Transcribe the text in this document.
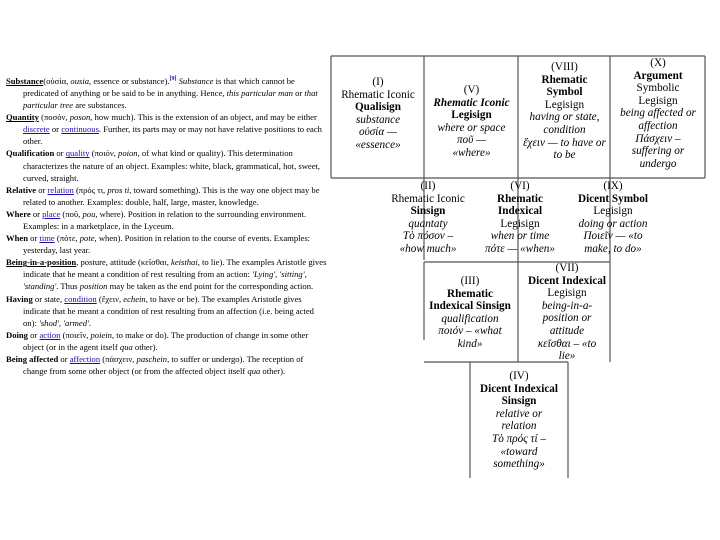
Substance(οὐσία, ousia, essence or substance).[9] Substance is that which cannot be predicated of anything or be said to be in anything. Hence, this particular man or that particular tree are substances.

Quantity (ποσόν, poson, how much). This is the extension of an object, and may be either discrete or continuous. Further, its parts may or may not have relative positions to each other.

Qualification or quality (ποιόν, poion, of what kind or quality). This determination characterizes the nature of an object. Examples: white, black, grammatical, hot, sweet, curved, straight.

Relative or relation (πρός τι, pros ti, toward something). This is the way one object may be related to another. Examples: double, half, large, master, knowledge.

Where or place (ποῦ, pou, where). Position in relation to the surrounding environment. Examples: in a marketplace, in the Lyceum.

When or time (πότε, pote, when). Position in relation to the course of events. Examples: yesterday, last year.

Being-in-a-position, posture, attitude (κεῖσθαι, keisthai, to lie). The examples Aristotle gives indicate that he meant a condition of rest resulting from an action: 'Lying', 'sitting', 'standing'. Thus position may be taken as the end point for the corresponding action.

Having or state, condition (ἔχειν, echein, to have or be). The examples Aristotle gives indicate that he meant a condition of rest resulting from an affection (i.e. being acted on): 'shod', 'armed'.

Doing or action (ποιεῖν, poiein, to make or do). The production of change in some other object (or in the agent itself qua other).

Being affected or affection (πάσχειν, paschein, to suffer or undergo). The reception of change from some other object (or from the affected object itself qua other).

(I)
Rhematic Iconic
Qualisign
substance
οὐσία —
«essence»
(V)
Rhematic Iconic
Legisign
where or space
ποῦ —
«where»
(VIII)
Rhematic
Symbol
Legisign
having or state,
condition
ἔχειν — to have or
to be
(X)
Argument
Symbolic
Legisign
being affected or
affection
Πάσχειν –
suffering or
undergo
(II)
Rhematic Iconic
Sinsign
quantaty
Τὸ πόσον –
«how much»
(VI)
Rhematic
Indexical
Legisign
when or time
πότε — «when»
(IX)
Dicent Symbol
Legisign
doing or action
Ποιεῖν — «to
make, to do»
(III)
Rhematic
Indexical Sinsign
qualification
ποιόν – «what
kind»
(VII)
Dicent Indexical
Legisign
being-in-a-
position or
attitude
κεῖσθαι – «to
lie»
(IV)
Dicent Indexical
Sinsign
relative or
relation
Τὸ πρός τί –
«toward
something»
